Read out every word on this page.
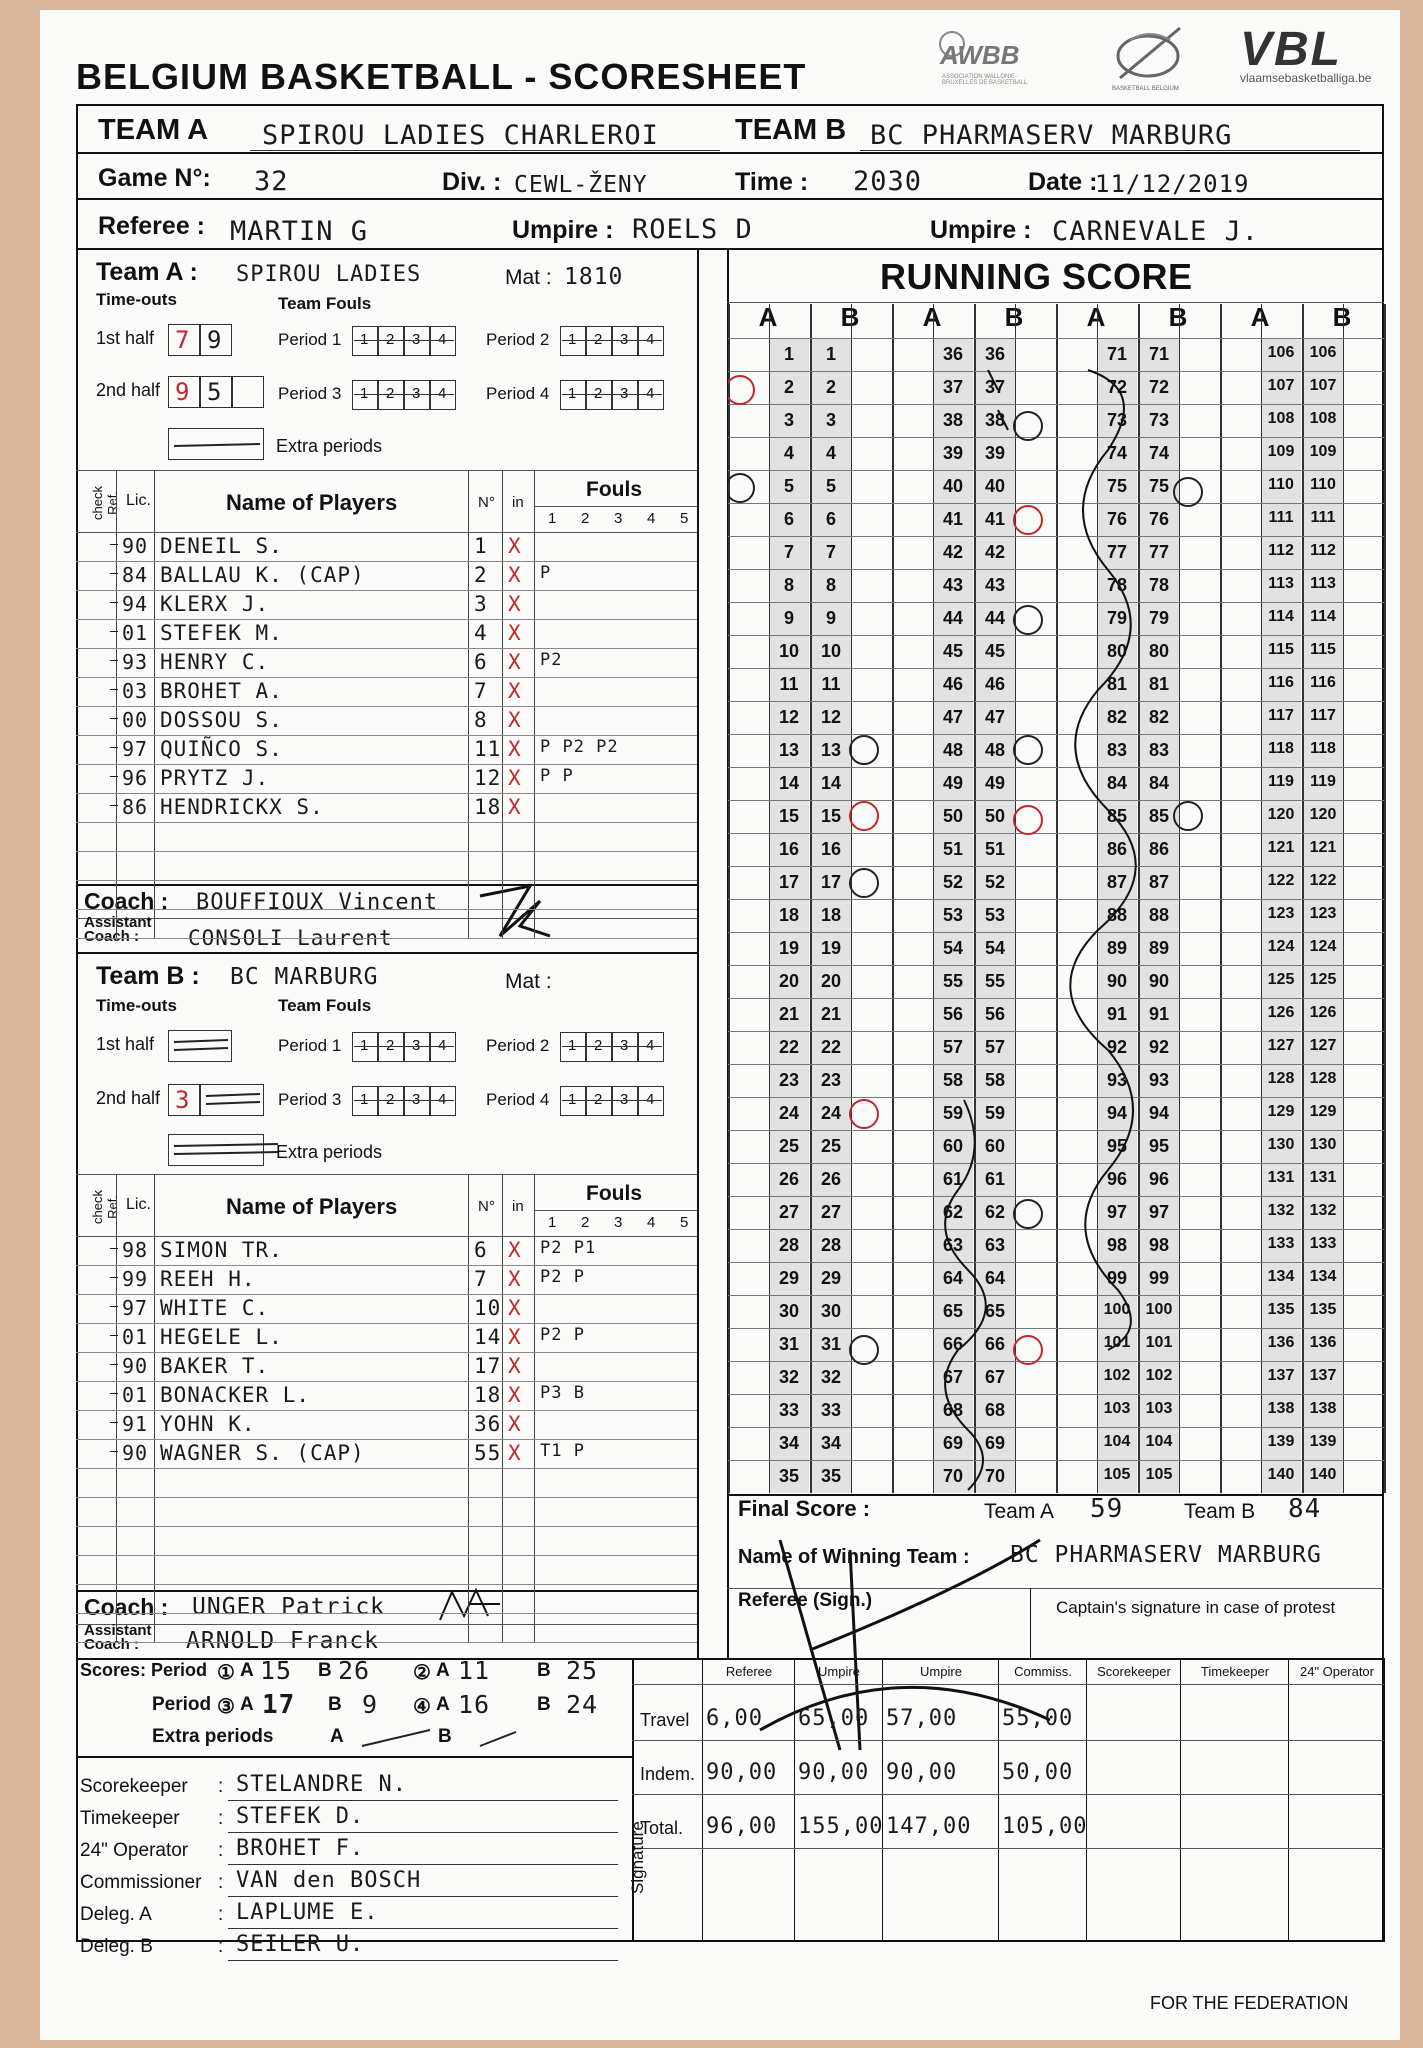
BELGIUM BASKETBALL - SCORESHEET
AWBB
ASSOCIATION WALLONIE-BRUXELLES DE BASKETBALL
BASKETBALL BELGIUM
VBL
vlaamsebasketballiga.be
TEAM A SPIROU LADIES CHARLEROI	TEAM B BC PHARMASERV MARBURG
Game N°: 32	Div. : CEWL-ŽENY	Time : 2030	Date :
11/12/2019
Referee : MARTIN G	Umpire : ROELS D	Umpire : CARNEVALE J.
Team A : SPIROU LADIES	Mat : 1810
Time-outs	Team Fouls
1st half 7 9
2nd half 9 5
Period 1	Period 2
Period 3	Period 4
Extra periods
Coach : BOUFFIOUX Vincent
Assistant Coach :	CONSOLI Laurent
Team B : BC MARBURG	Mat :
Time-outs	Team Fouls
1st half
2nd half 3
Period 1	Period 2
Period 3	Period 4
Extra periods
Coach : UNGER Patrick
Assistant Coach :	ARNOLD Franck
RUNNING SCORE
Final Score :	Team A 59	Team B 84
Name of Winning Team : BC PHARMASERV MARBURG
Referee (Sign.)	Captain's signature in case of protest
Scores: Period ① A 15 B 26 ② A 11 B 25
Period ③ A 17 B 9 ④ A 16 B 24
Extra periods	A	B
FOR THE FEDERATION
1 2 3 4	1 2 3 4
1 2 3 4	1 2 3 4
1 2 3 4	1 2 3 4
1 2 3 4	1 2 3 4
check Ref. Lic.	Name of Players	N° in
Fouls
1 2 3 4 5
90 DENEIL S.	1 X
84 BALLAU K. (CAP)	2 X P
94 KLERX J.	3 X
01 STEFEK M.	4 X
93 HENRY C.	6 X P2
03 BROHET A.	7 X
00 DOSSOU S.	8 X
97 QUIÑCO S.	11 X P P2 P2
96 PRYTZ J.	12 X P P
86 HENDRICKX S.	18 X
check Ref. Lic.	Name of Players	N° in
Fouls
1 2 3 4 5
98 SIMON TR.	6 X P2 P1
99 REEH H.	7 X P2 P
97 WHITE C.	10 X
01 HEGELE L.	14 X P2 P
90 BAKER T.	17 X
01 BONACKER L.	18 X P3 B
91 YOHN K.	36 X
90 WAGNER S. (CAP)	55 X T1 P
A	B
1	1
2	2
3	3
4	4
5	5
6	6
7	7
8	8
9	9
10	10
11	11
12	12
13	13
14	14
15	15
16	16
17	17
18	18
19	19
20	20
21	21
22	22
23	23
24	24
25	25
26	26
27	27
28	28
29	29
30	30
31	31
32	32
33	33
34	34
35	35
A	B
36	36
37	37
38	38
39	39
40	40
41	41
42	42
43	43
44	44
45	45
46	46
47	47
48	48
49	49
50	50
51	51
52	52
53	53
54	54
55	55
56	56
57	57
58	58
59	59
60	60
61	61
62	62
63	63
64	64
65	65
66	66
67	67
68	68
69	69
70	70
A	B
71	71
72	72
73	73
74	74
75	75
76	76
77	77
78	78
79	79
80	80
81	81
82	82
83	83
84	84
85	85
86	86
87	87
88	88
89	89
90	90
91	91
92	92
93	93
94	94
95	95
96	96
97	97
98	98
99	99
100 100
101 101
102 102
103 103
104 104
105 105
A	B
106 106
107 107
108 108
109 109
110	110
111	111
112	112
113	113
114	114
115	115
116	116
117	117
118	118
119	119
120 120
121 121
122 122
123 123
124 124
125 125
126 126
127 127
128 128
129 129
130 130
131 131
132 132
133 133
134 134
135 135
136 136
137 137
138 138
139 139
140 140
Scorekeeper : STELANDRE N.
Timekeeper : STEFEK D.
24" Operator : BROHET F.
Commissioner : VAN den BOSCH
Deleg. A	: LAPLUME E.
Deleg. B	: SEILER U.
Referee	Umpire	Umpire	Commiss.	Scorekeeper	Timekeeper	24" Operator
Travel 6,00 65,00 57,00 55,00
Indem. 90,00 90,00 90,00 50,00
Total. 96,00 155,00 147,00 105,00
Signature
